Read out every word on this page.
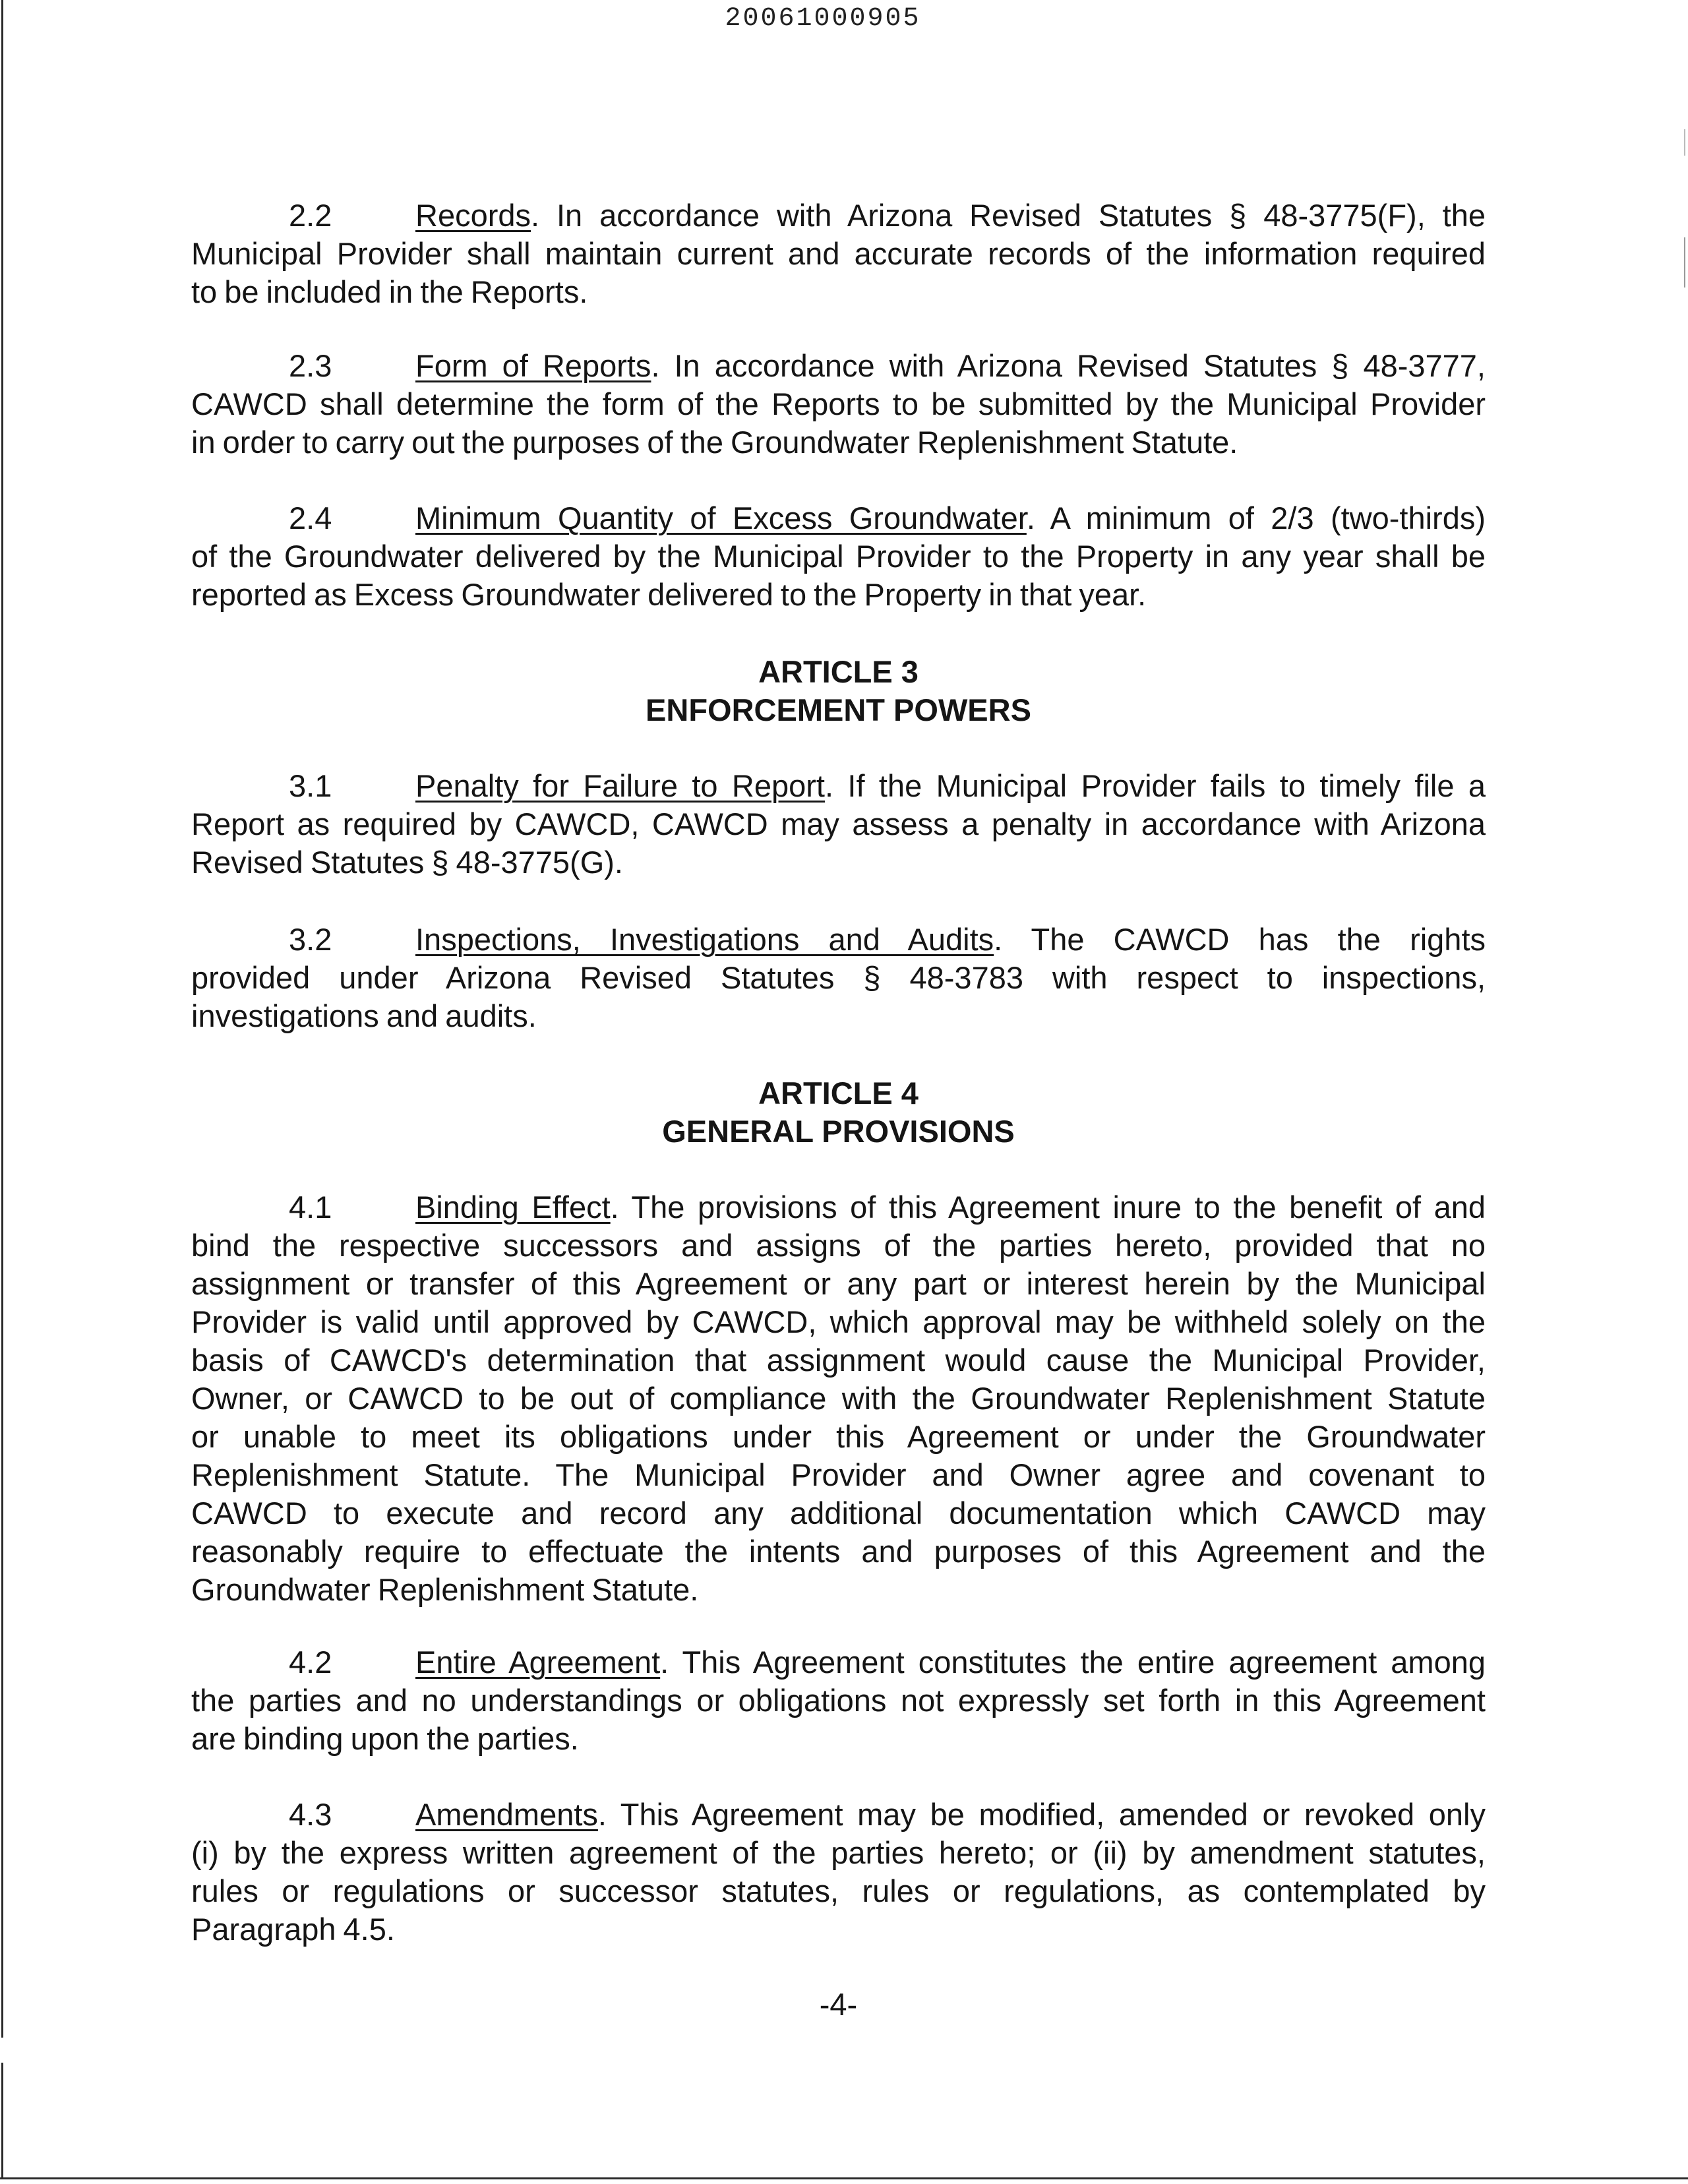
20061000905
2.2	Records. In accordance with Arizona Revised Statutes § 48-3775(F), the
Municipal Provider shall maintain current and accurate records of the information required
to be included in the Reports.
2.3	Form of Reports. In accordance with Arizona Revised Statutes § 48-3777,
CAWCD shall determine the form of the Reports to be submitted by the Municipal Provider
in order to carry out the purposes of the Groundwater Replenishment Statute.
2.4	Minimum Quantity of Excess Groundwater. A minimum of 2/3 (two-thirds)
of the Groundwater delivered by the Municipal Provider to the Property in any year shall be
reported as Excess Groundwater delivered to the Property in that year.
ARTICLE 3
ENFORCEMENT POWERS
3.1	Penalty for Failure to Report. If the Municipal Provider fails to timely file a
Report as required by CAWCD, CAWCD may assess a penalty in accordance with Arizona
Revised Statutes § 48-3775(G).
3.2	Inspections, Investigations and Audits. The CAWCD has the rights
provided under Arizona Revised Statutes § 48-3783 with respect to inspections,
investigations and audits.
ARTICLE 4
GENERAL PROVISIONS
4.1	Binding Effect. The provisions of this Agreement inure to the benefit of and
bind the respective successors and assigns of the parties hereto, provided that no
assignment or transfer of this Agreement or any part or interest herein by the Municipal
Provider is valid until approved by CAWCD, which approval may be withheld solely on the
basis of CAWCD's determination that assignment would cause the Municipal Provider,
Owner, or CAWCD to be out of compliance with the Groundwater Replenishment Statute
or unable to meet its obligations under this Agreement or under the Groundwater
Replenishment Statute. The Municipal Provider and Owner agree and covenant to
CAWCD to execute and record any additional documentation which CAWCD may
reasonably require to effectuate the intents and purposes of this Agreement and the
Groundwater Replenishment Statute.
4.2	Entire Agreement. This Agreement constitutes the entire agreement among
the parties and no understandings or obligations not expressly set forth in this Agreement
are binding upon the parties.
4.3	Amendments. This Agreement may be modified, amended or revoked only
(i) by the express written agreement of the parties hereto; or (ii) by amendment statutes,
rules or regulations or successor statutes, rules or regulations, as contemplated by
Paragraph 4.5.
-4-
